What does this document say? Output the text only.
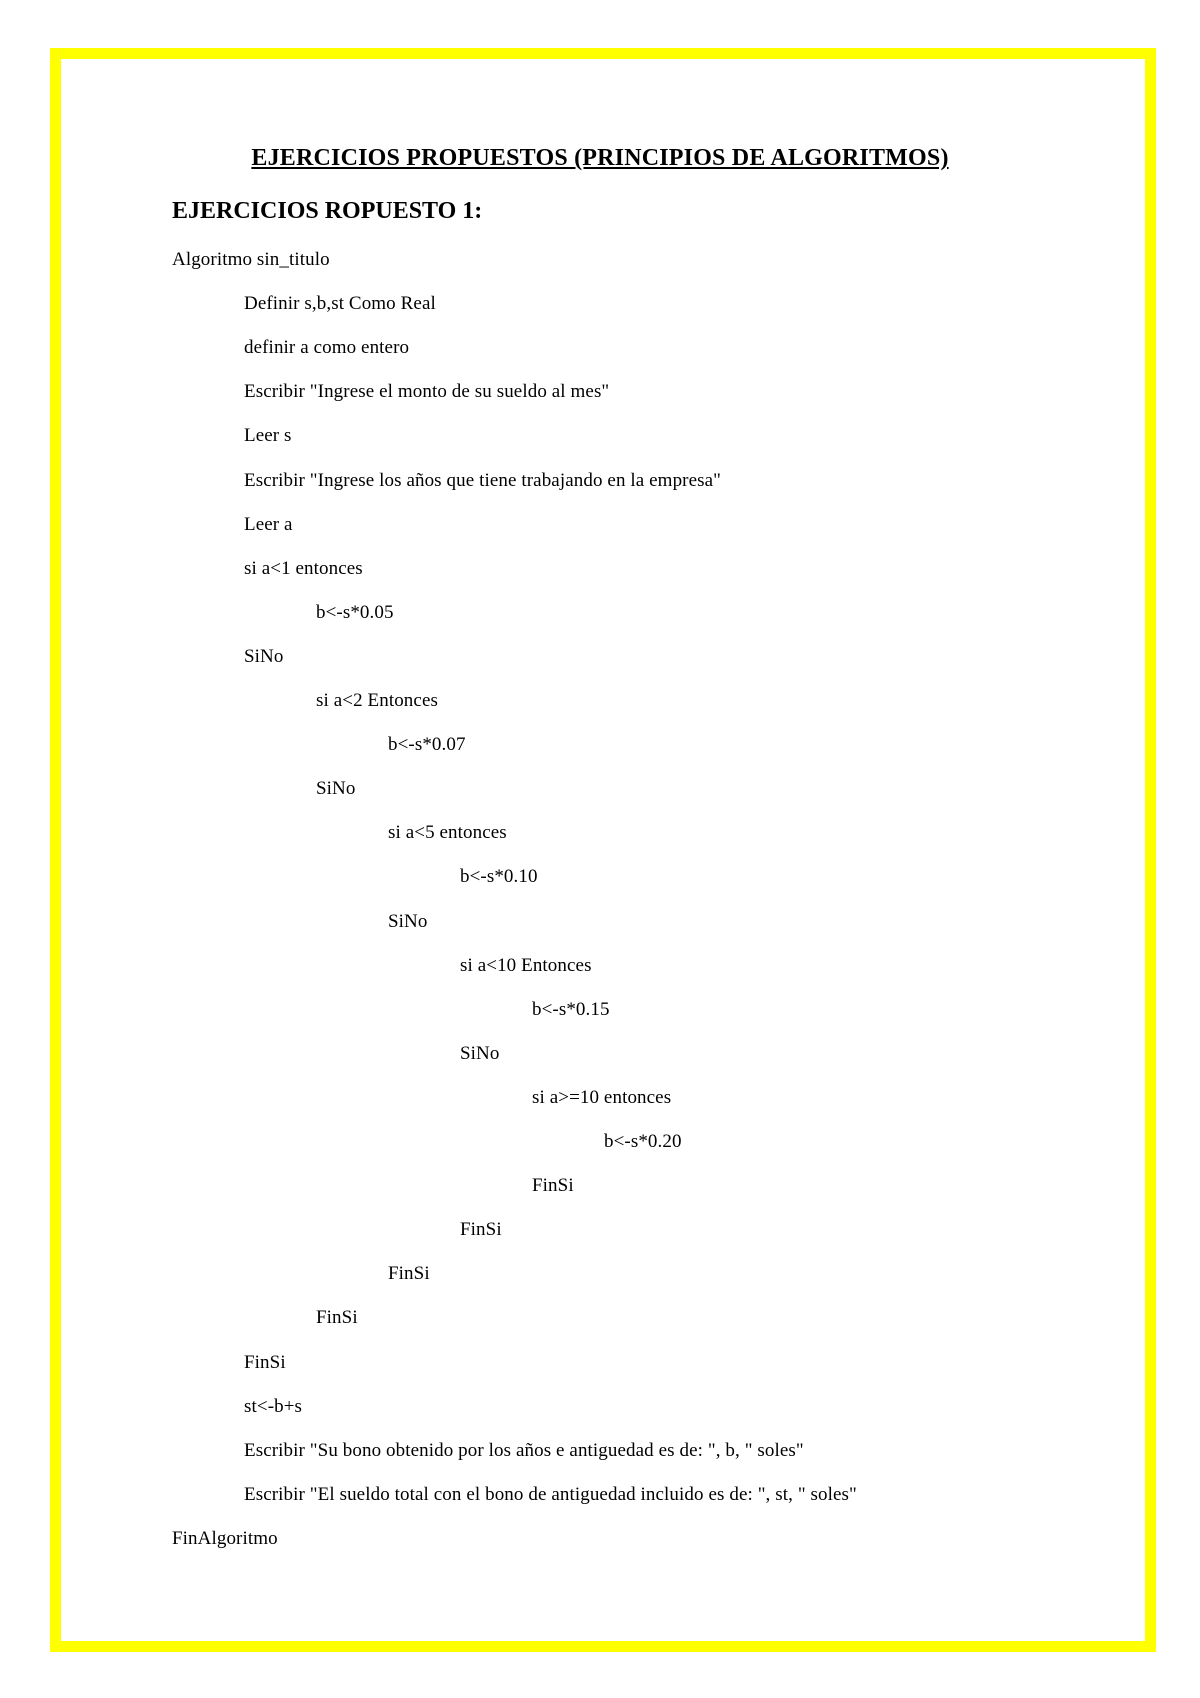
EJERCICIOS PROPUESTOS (PRINCIPIOS DE ALGORITMOS)
EJERCICIOS ROPUESTO 1:
Algoritmo sin_titulo
Definir s,b,st Como Real
definir a como entero
Escribir "Ingrese el monto de su sueldo al mes"
Leer s
Escribir "Ingrese los años que tiene trabajando en la empresa"
Leer a
si a<1 entonces
b<-s*0.05
SiNo
si a<2 Entonces
b<-s*0.07
SiNo
si a<5 entonces
b<-s*0.10
SiNo
si a<10 Entonces
b<-s*0.15
SiNo
si a>=10 entonces
b<-s*0.20
FinSi
FinSi
FinSi
FinSi
FinSi
st<-b+s
Escribir "Su bono obtenido por los años e antiguedad es de: ", b, " soles"
Escribir "El sueldo total con el bono de antiguedad incluido es de: ", st, " soles"
FinAlgoritmo
